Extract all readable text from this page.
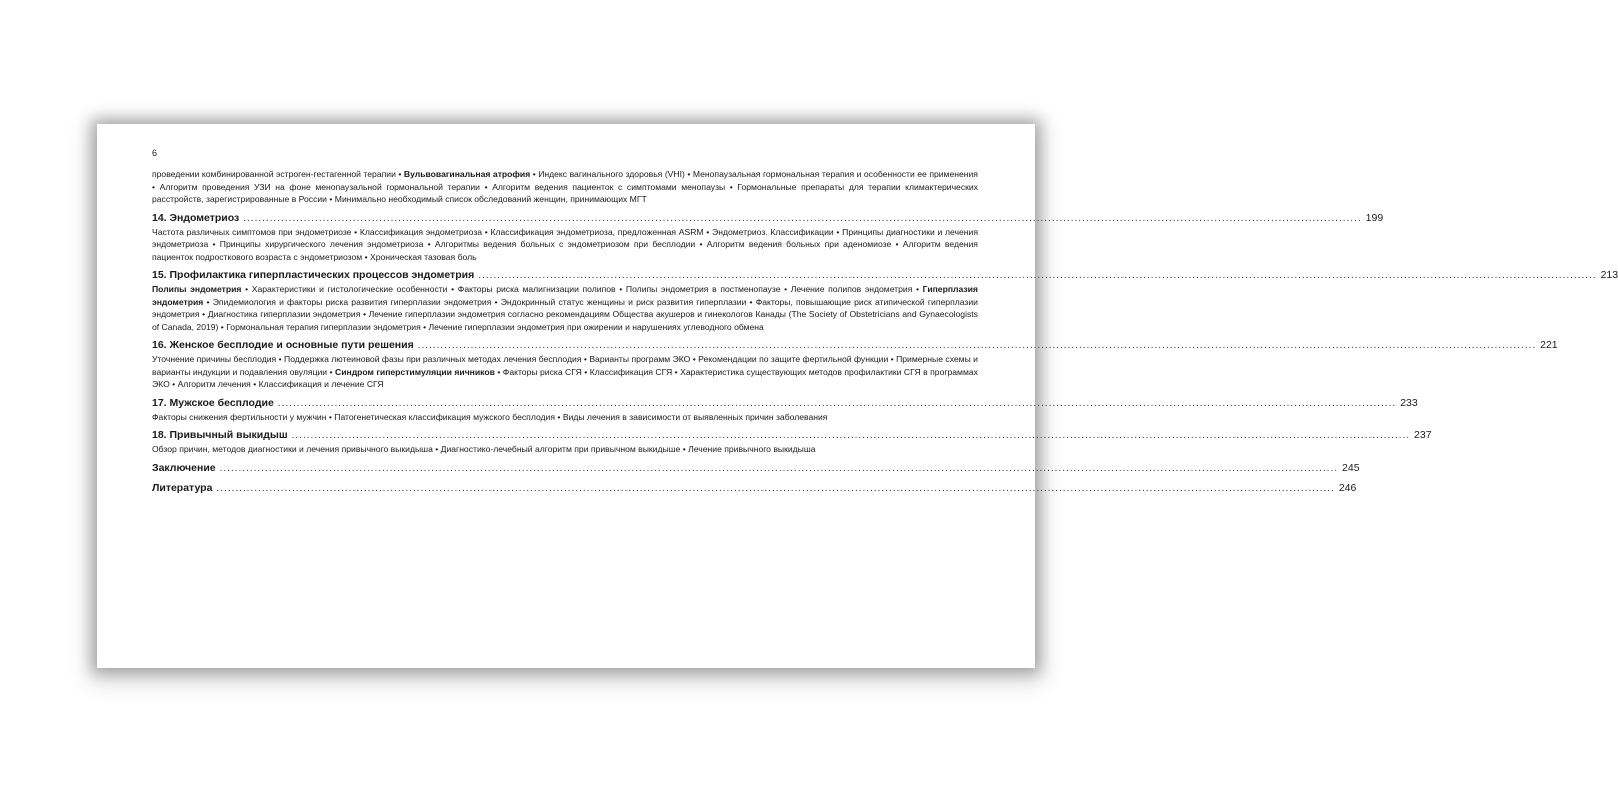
6

проведении комбинированной эстроген-гестагенной терапии • Вульвовагинальная атрофия • Индекс вагинального здоровья (VHI) • Менопаузальная гормональная терапия и особенности ее применения • Алгоритм проведения УЗИ на фоне менопаузальной гормональной терапии • Алгоритм ведения пациенток с симптомами менопаузы • Гормональные препараты для терапии климактерических расстройств, зарегистрированные в России • Минимально необходимый список обследований женщин, принимающих МГТ

14. Эндометриоз ........................................................................................................................................................................................................................................................................................................ 199

Частота различных симптомов при эндометриозе • Классификация эндометриоза • Классификация эндометриоза, предложенная ASRM • Эндометриоз. Классификации • Принципы диагностики и лечения эндометриоза • Принципы хирургического лечения эндометриоза • Алгоритмы ведения больных с эндометриозом при бесплодии • Алгоритм ведения больных при аденомиозе • Алгоритм ведения пациенток подросткового возраста с эндометриозом • Хроническая тазовая боль

15. Профилактика гиперпластических процессов эндометрия ........................................................................................................................................................................................................................................................................................................ 213

Полипы эндометрия • Характеристики и гистологические особенности • Факторы риска малигнизации полипов • Полипы эндометрия в постменопаузе • Лечение полипов эндометрия • Гиперплазия эндометрия • Эпидемиология и факторы риска развития гиперплазии эндометрия • Эндокринный статус женщины и риск развития гиперплазии • Факторы, повышающие риск атипической гиперплазии эндометрия • Диагностика гиперплазии эндометрия • Лечение гиперплазии эндометрия согласно рекомендациям Общества акушеров и гинекологов Канады (The Society of Obstetricians and Gynaecologists of Canada, 2019) • Гормональная терапия гиперплазии эндометрия • Лечение гиперплазии эндометрия при ожирении и нарушениях углеводного обмена

16. Женское бесплодие и основные пути решения ........................................................................................................................................................................................................................................................................................................ 221

Уточнение причины бесплодия • Поддержка лютеиновой фазы при различных методах лечения бесплодия • Варианты программ ЭКО • Рекомендации по защите фертильной функции • Примерные схемы и варианты индукции и подавления овуляции • Синдром гиперстимуляции яичников • Факторы риска СГЯ • Классификация СГЯ • Характеристика существующих методов профилактики СГЯ в программах ЭКО • Алгоритм лечения • Классификация и лечение СГЯ

17. Мужское бесплодие ........................................................................................................................................................................................................................................................................................................ 233

Факторы снижения фертильности у мужчин • Патогенетическая классификация мужского бесплодия • Виды лечения в зависимости от выявленных причин заболевания

18. Привычный выкидыш ........................................................................................................................................................................................................................................................................................................ 237

Обзор причин, методов диагностики и лечения привычного выкидыша • Диагностико-лечебный алгоритм при привычном выкидыше • Лечение привычного выкидыша

Заключение ........................................................................................................................................................................................................................................................................................................ 245
Литература ........................................................................................................................................................................................................................................................................................................ 246
